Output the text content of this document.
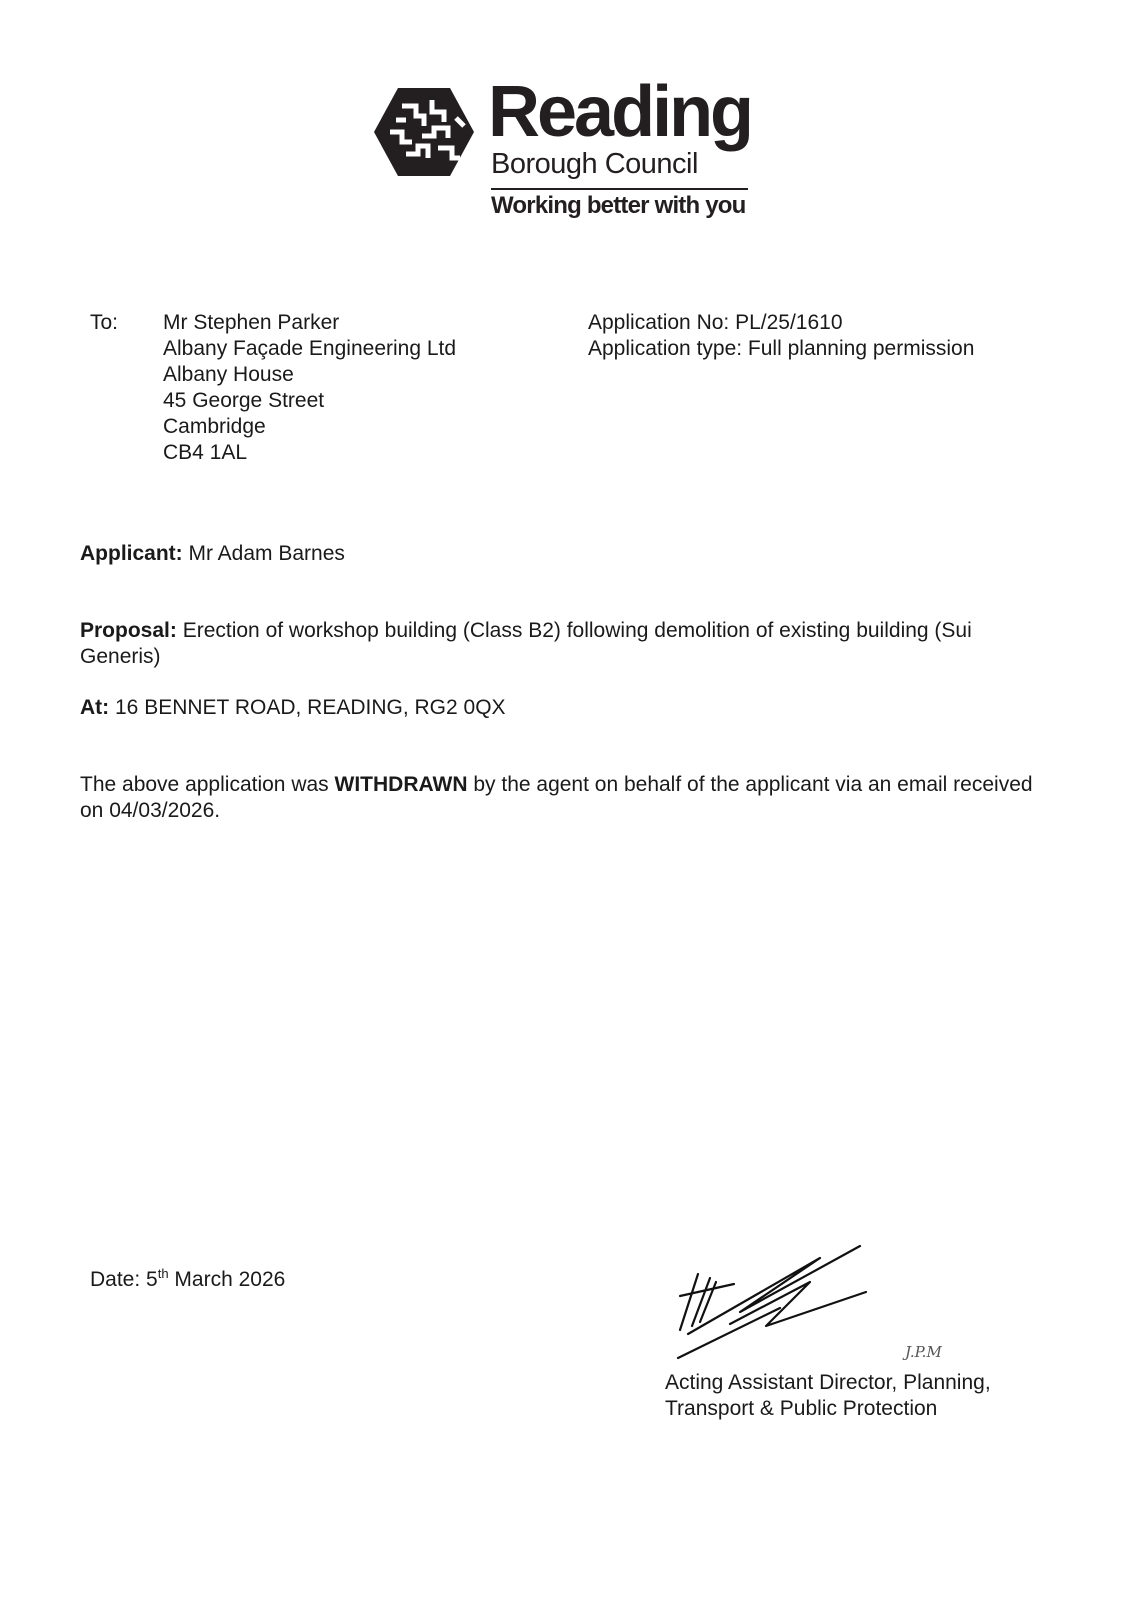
Reading
Borough Council
Working better with you
To: Mr Stephen Parker
Albany Façade Engineering Ltd
Albany House
45 George Street
Cambridge
CB4 1AL
Application No: PL/25/1610
Application type: Full planning permission
Applicant: Mr Adam Barnes
Proposal: Erection of workshop building (Class B2) following demolition of existing building (Sui Generis)
At: 16 BENNET ROAD, READING, RG2 0QX
The above application was WITHDRAWN by the agent on behalf of the applicant via an email received on 04/03/2026.
Date: 5th March 2026
J.P.M
Acting Assistant Director, Planning,
Transport & Public Protection
